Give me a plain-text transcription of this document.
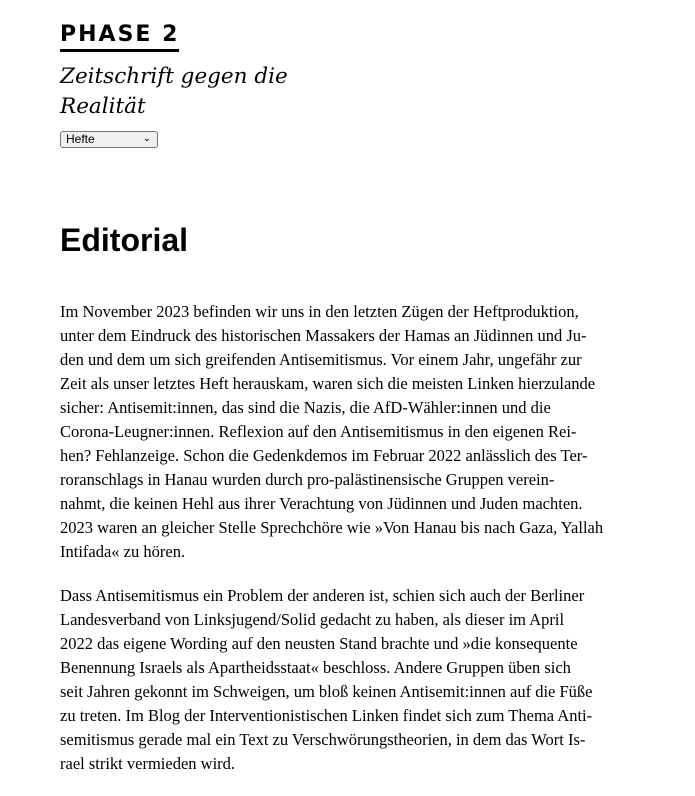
PHASE 2

Zeitschrift gegen die
Realität

Hefte	⌄
Editorial

Im November 2023 befinden wir uns in den letzten Zügen der Heftproduktion,
unter dem Eindruck des historischen Massakers der Hamas an Jüdinnen und Ju-
den und dem um sich greifenden Antisemitismus. Vor einem Jahr, ungefähr zur
Zeit als unser letztes Heft herauskam, waren sich die meisten Linken hierzulande
sicher: Antisemit:innen, das sind die Nazis, die AfD-Wähler:innen und die
Corona-Leugner:innen. Reflexion auf den Antisemitismus in den eigenen Rei-
hen? Fehlanzeige. Schon die Gedenkdemos im Februar 2022 anlässlich des Ter-
roranschlags in Hanau wurden durch pro-palästinensische Gruppen verein-
nahmt, die keinen Hehl aus ihrer Verachtung von Jüdinnen und Juden machten.
2023 waren an gleicher Stelle Sprechchöre wie »Von Hanau bis nach Gaza, Yallah
Intifada« zu hören.

Dass Antisemitismus ein Problem der anderen ist, schien sich auch der Berliner
Landesverband von Linksjugend/Solid gedacht zu haben, als dieser im April
2022 das eigene Wording auf den neusten Stand brachte und »die konsequente
Benennung Israels als Apartheidsstaat« beschloss. Andere Gruppen üben sich
seit Jahren gekonnt im Schweigen, um bloß keinen Antisemit:innen auf die Füße
zu treten. Im Blog der Interventionistischen Linken findet sich zum Thema Anti-
semitismus gerade mal ein Text zu Verschwörungstheorien, in dem das Wort Is-
rael strikt vermieden wird.
